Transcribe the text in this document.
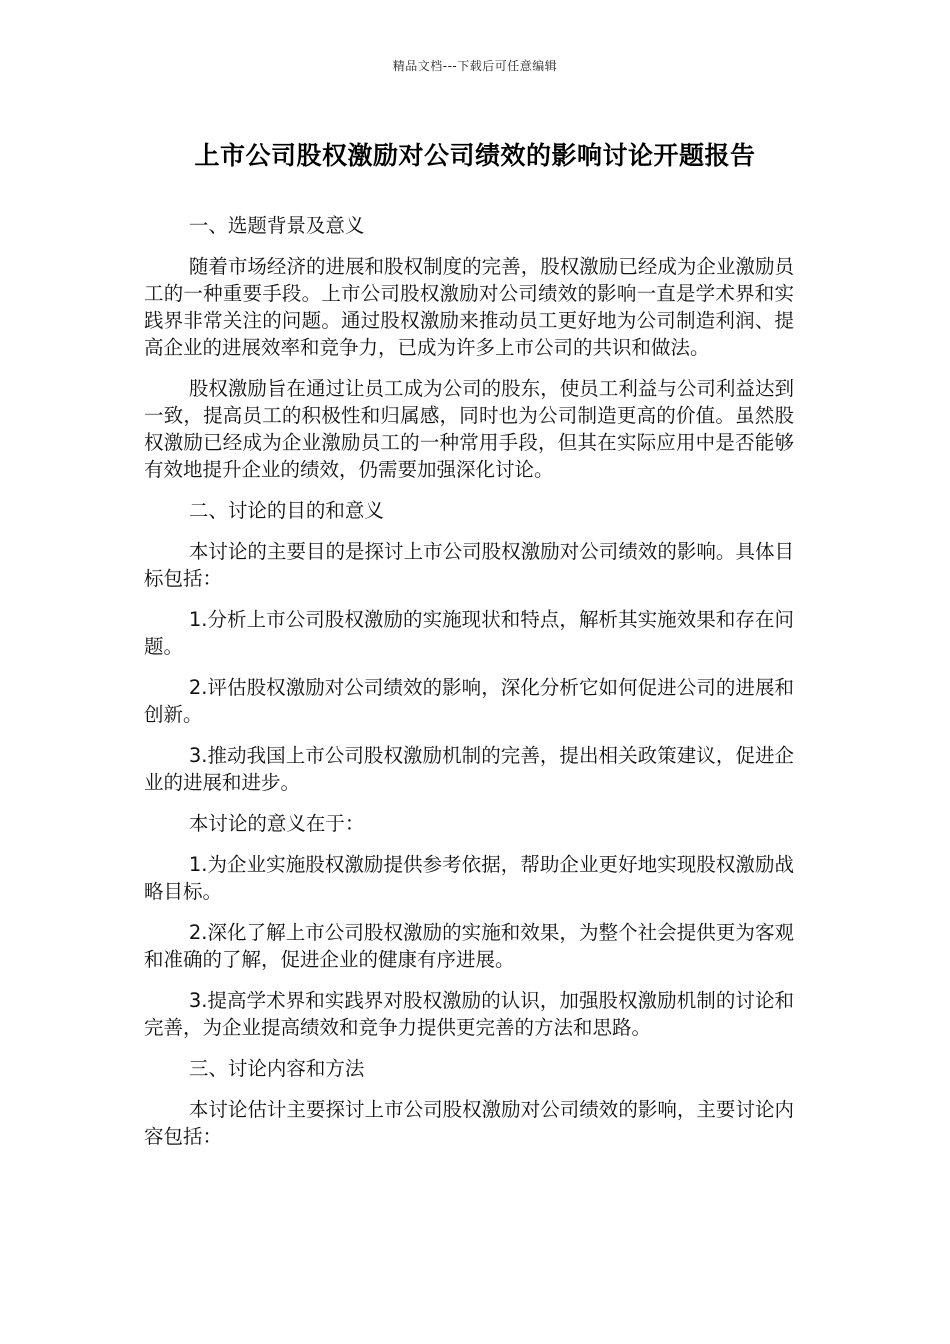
精品文档---下载后可任意编辑
上市公司股权激励对公司绩效的影响讨论开题报告

一、选题背景及意义

随着市场经济的进展和股权制度的完善，股权激励已经成为企业激励员工的一种重要手段。上市公司股权激励对公司绩效的影响一直是学术界和实践界非常关注的问题。通过股权激励来推动员工更好地为公司制造利润、提高企业的进展效率和竞争力，已成为许多上市公司的共识和做法。

股权激励旨在通过让员工成为公司的股东，使员工利益与公司利益达到一致，提高员工的积极性和归属感，同时也为公司制造更高的价值。虽然股权激励已经成为企业激励员工的一种常用手段，但其在实际应用中是否能够有效地提升企业的绩效，仍需要加强深化讨论。

二、讨论的目的和意义

本讨论的主要目的是探讨上市公司股权激励对公司绩效的影响。具体目标包括：

1.分析上市公司股权激励的实施现状和特点，解析其实施效果和存在问题。

2.评估股权激励对公司绩效的影响，深化分析它如何促进公司的进展和创新。

3.推动我国上市公司股权激励机制的完善，提出相关政策建议，促进企业的进展和进步。

本讨论的意义在于：

1.为企业实施股权激励提供参考依据，帮助企业更好地实现股权激励战略目标。

2.深化了解上市公司股权激励的实施和效果，为整个社会提供更为客观和准确的了解，促进企业的健康有序进展。

3.提高学术界和实践界对股权激励的认识，加强股权激励机制的讨论和完善，为企业提高绩效和竞争力提供更完善的方法和思路。

三、讨论内容和方法

本讨论估计主要探讨上市公司股权激励对公司绩效的影响，主要讨论内容包括：
